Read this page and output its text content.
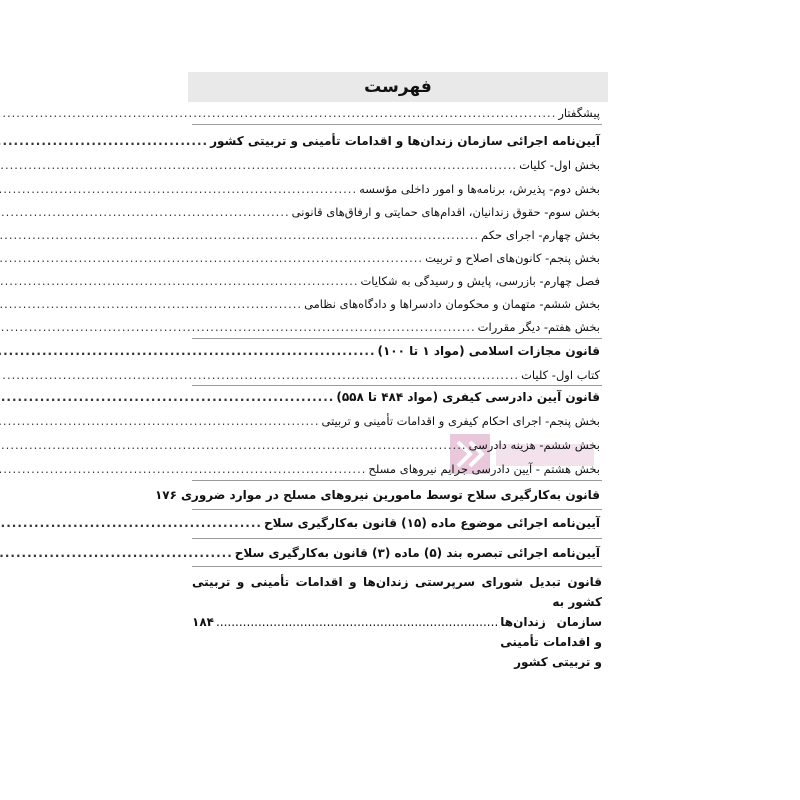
فهرست
پیشگفتار
.....
آیین‌نامه اجرائی سازمان زندان‌ها و اقدامات تأمینی و تربیتی کشور
.....
بخش اول- کلیات
.....
بخش دوم- پذیرش، برنامه‌ها و امور داخلی مؤسسه
.....
بخش سوم- حقوق زندانیان، اقدام‌های حمایتی و ارفاق‌های قانونی
.....
بخش چهارم- اجرای حکم
.....
بخش پنجم- کانون‌های اصلاح و تربیت
.....
فصل چهارم- بازرسی، پایش و رسیدگی به شکایات
.....
بخش ششم- متهمان و محکومان دادسراها و دادگاه‌های نظامی
.....
بخش هفتم- دیگر مقررات
.....
قانون مجازات اسلامی (مواد ۱ تا ۱۰۰)
.....
کتاب اول- کلیات
.....
قانون آیین دادرسی کیفری (مواد ۴۸۴ تا ۵۵۸)
.....
بخش پنجم- اجرای احکام کیفری و اقدامات تأمینی و تربیتی
.....
بخش ششم- هزینه دادرسی
.....
بخش هشتم - آیین دادرسی جرایم نیروهای مسلح
.....
قانون به‌کارگیری سلاح توسط مامورین نیروهای مسلح در موارد ضروری
۱۷۶
آیین‌نامه اجرائی موضوع ماده (۱۵) قانون به‌کارگیری سلاح
.....
آیین‌نامه اجرائی تبصره بند (۵) ماده (۳) قانون به‌کارگیری سلاح
.....
قانون تبدیل شورای سرپرستی زندان‌ها و اقدامات تأمینی و تربیتی کشور به
سازمان زندان‌ها و اقدامات تأمینی و تربیتی کشور
..........................................................................
۱۸۴
